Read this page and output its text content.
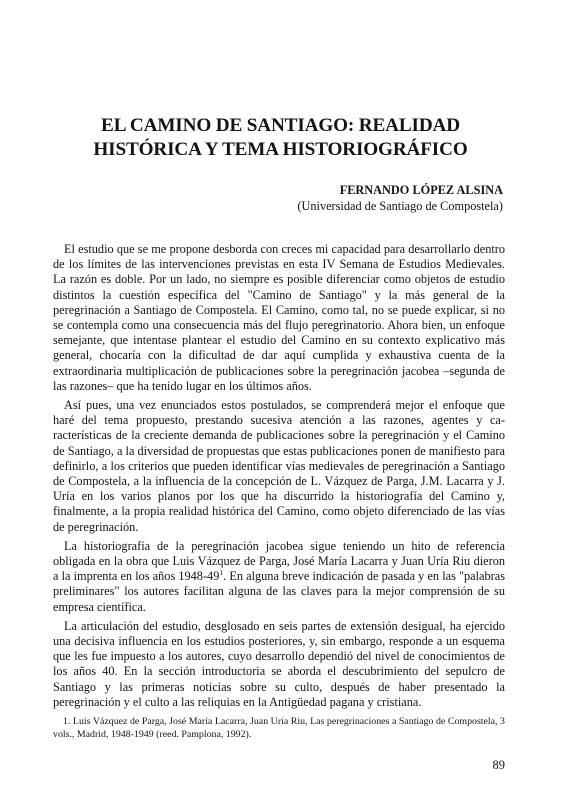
EL CAMINO DE SANTIAGO: REALIDAD
HISTÓRICA Y TEMA HISTORIOGRÁFICO

FERNANDO LÓPEZ ALSINA

(Universidad de Santiago de Compostela)

El estudio que se me propone desborda con creces mi capacidad para desarrollarlo dentro de los límites de las intervenciones previstas en esta IV Semana de Estudios Medievales. La razón es doble. Por un lado, no siempre es posible diferenciar como objetos de estudio distintos la cuestión específica del "Camino de Santiago" y la más general de la peregrinación a Santiago de Compostela. El Camino, como tal, no se puede explicar, si no se contempla como una consecuencia más del flujo peregrinatorio. Ahora bien, un enfoque semejante, que intentase plantear el estudio del Camino en su contexto explicativo más general, chocaría con la dificultad de dar aquí cumplida y exhaustiva cuenta de la extraordinaria multiplicación de publicaciones sobre la peregrinación jacobea –segunda de las razones– que ha tenido lugar en los últimos años.

Así pues, una vez enunciados estos postulados, se comprenderá mejor el enfoque que haré del tema propuesto, prestando sucesiva atención a las razones, agentes y características de la creciente demanda de publicaciones sobre la peregrinación y el Camino de Santiago, a la diversidad de propuestas que estas publicaciones ponen de manifiesto para definirlo, a los criterios que pueden identificar vías medievales de peregrinación a Santiago de Compostela, a la influencia de la concepción de L. Vázquez de Parga, J.M. Lacarra y J. Uría en los varios planos por los que ha discurrido la historiografía del Camino y, finalmente, a la propia realidad histórica del Camino, como objeto diferenciado de las vías de peregrinación.

La historiografía de la peregrinación jacobea sigue teniendo un hito de referencia obligada en la obra que Luis Vázquez de Parga, José María Lacarra y Juan Uría Riu dieron a la imprenta en los años $1948-49^1$. En alguna breve indicación de pasada y en las "palabras preliminares" los autores facilitan alguna de las claves para la mejor comprensión de su empresa científica.

La articulación del estudio, desglosado en seis partes de extensión desigual, ha ejercido una decisiva influencia en los estudios posteriores, y, sin embargo, responde a un esquema que les fue impuesto a los autores, cuyo desarrollo dependió del nivel de conocimientos de los años 40. En la sección introductoria se aborda el descubrimiento del sepulcro de Santiago y las primeras noticias sobre su culto, después de haber presentado la peregrinación y el culto a las reliquias en la Antigüedad pagana y cristiana.

1. Luis Vázquez de Parga, José María Lacarra, Juan Uría Riu, Las peregrinaciones a Santiago de Compostela, 3 vols., Madrid, 1948-1949 (reed. Pamplona, 1992).

89
